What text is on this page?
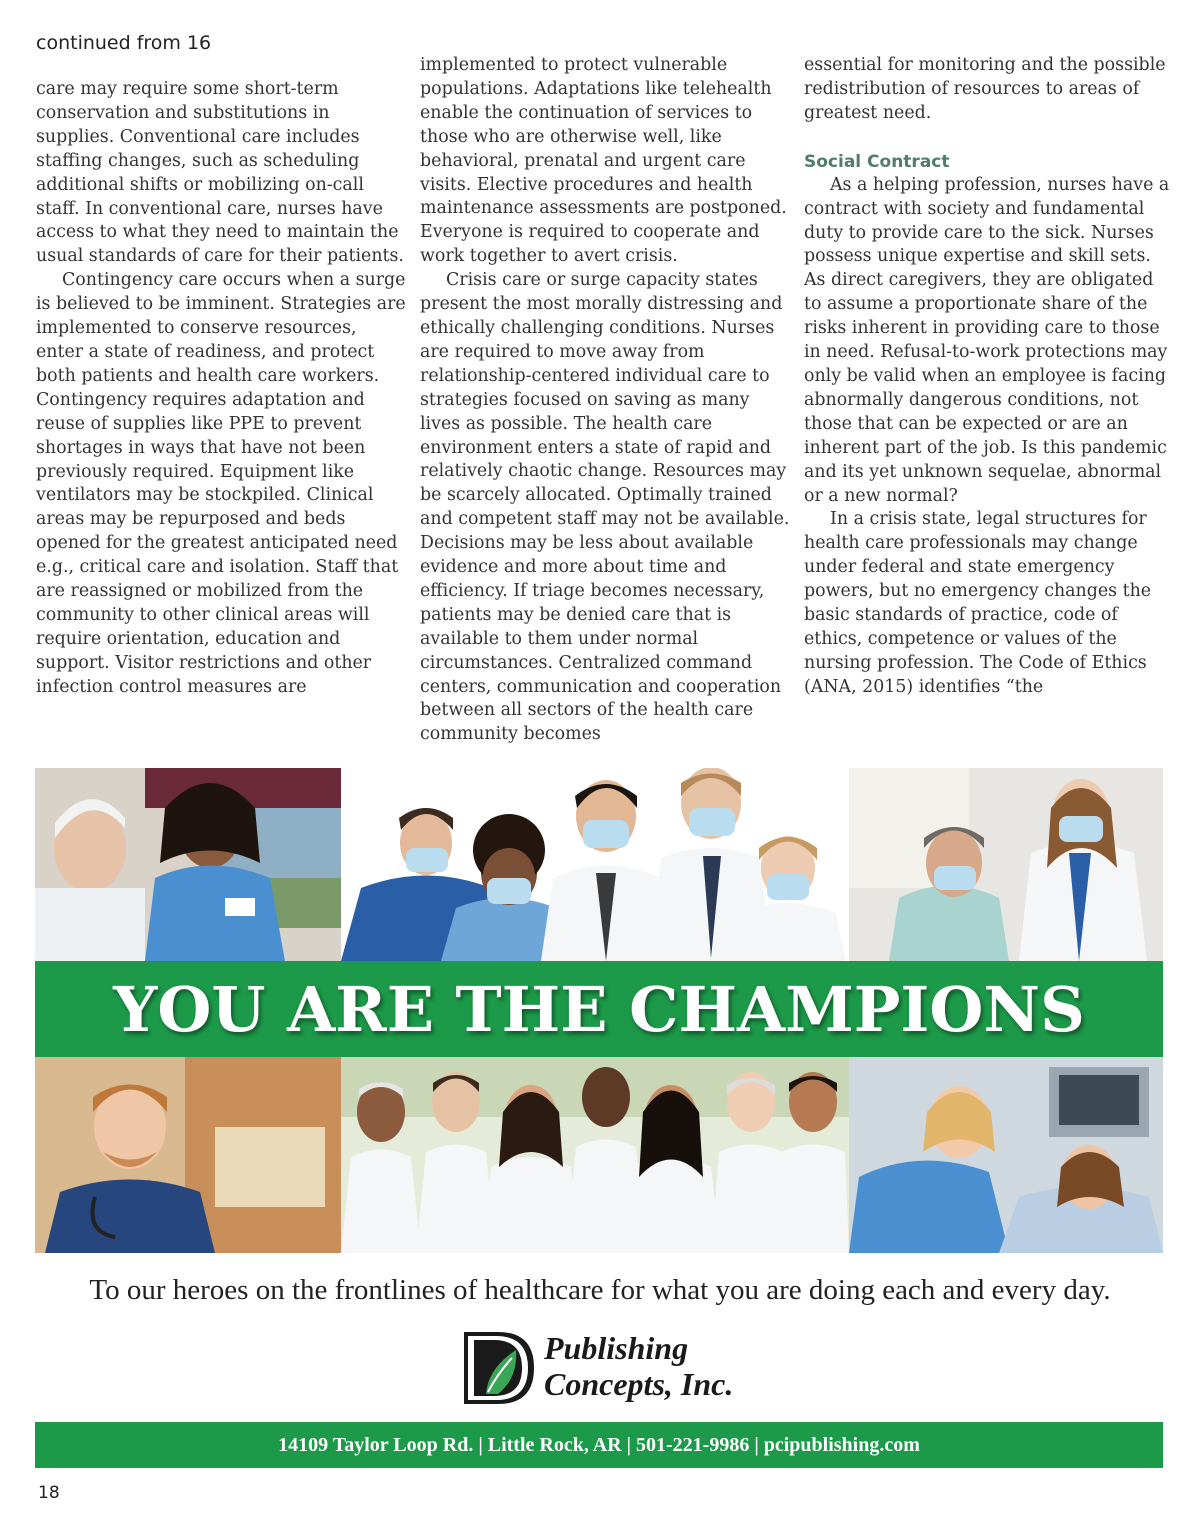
continued from 16

care may require some short-term conservation and substitutions in supplies. Conventional care includes staffing changes, such as scheduling additional shifts or mobilizing on-call staff. In conventional care, nurses have access to what they need to maintain the usual standards of care for their patients.

Contingency care occurs when a surge is believed to be imminent. Strategies are implemented to conserve resources, enter a state of readiness, and protect both patients and health care workers. Contingency requires adaptation and reuse of supplies like PPE to prevent shortages in ways that have not been previously required. Equipment like ventilators may be stockpiled. Clinical areas may be repurposed and beds opened for the greatest anticipated need e.g., critical care and isolation. Staff that are reassigned or mobilized from the community to other clinical areas will require orientation, education and support. Visitor restrictions and other infection control measures are

implemented to protect vulnerable populations. Adaptations like telehealth enable the continuation of services to those who are otherwise well, like behavioral, prenatal and urgent care visits. Elective procedures and health maintenance assessments are postponed. Everyone is required to cooperate and work together to avert crisis.

Crisis care or surge capacity states present the most morally distressing and ethically challenging conditions. Nurses are required to move away from relationship-centered individual care to strategies focused on saving as many lives as possible. The health care environment enters a state of rapid and relatively chaotic change. Resources may be scarcely allocated. Optimally trained and competent staff may not be available. Decisions may be less about available evidence and more about time and efficiency. If triage becomes necessary, patients may be denied care that is available to them under normal circumstances. Centralized command centers, communication and cooperation between all sectors of the health care community becomes

essential for monitoring and the possible redistribution of resources to areas of greatest need.

Social Contract

As a helping profession, nurses have a contract with society and fundamental duty to provide care to the sick. Nurses possess unique expertise and skill sets. As direct caregivers, they are obligated to assume a proportionate share of the risks inherent in providing care to those in need. Refusal-to-work protections may only be valid when an employee is facing abnormally dangerous conditions, not those that can be expected or are an inherent part of the job. Is this pandemic and its yet unknown sequelae, abnormal or a new normal?

In a crisis state, legal structures for health care professionals may change under federal and state emergency powers, but no emergency changes the basic standards of practice, code of ethics, competence or values of the nursing profession. The Code of Ethics (ANA, 2015) identifies “the

YOU ARE THE CHAMPIONS
To our heroes on the frontlines of healthcare for what you are doing each and every day.
Publishing
Concepts, Inc.
14109 Taylor Loop Rd. | Little Rock, AR | 501-221-9986 | pcipublishing.com
18
